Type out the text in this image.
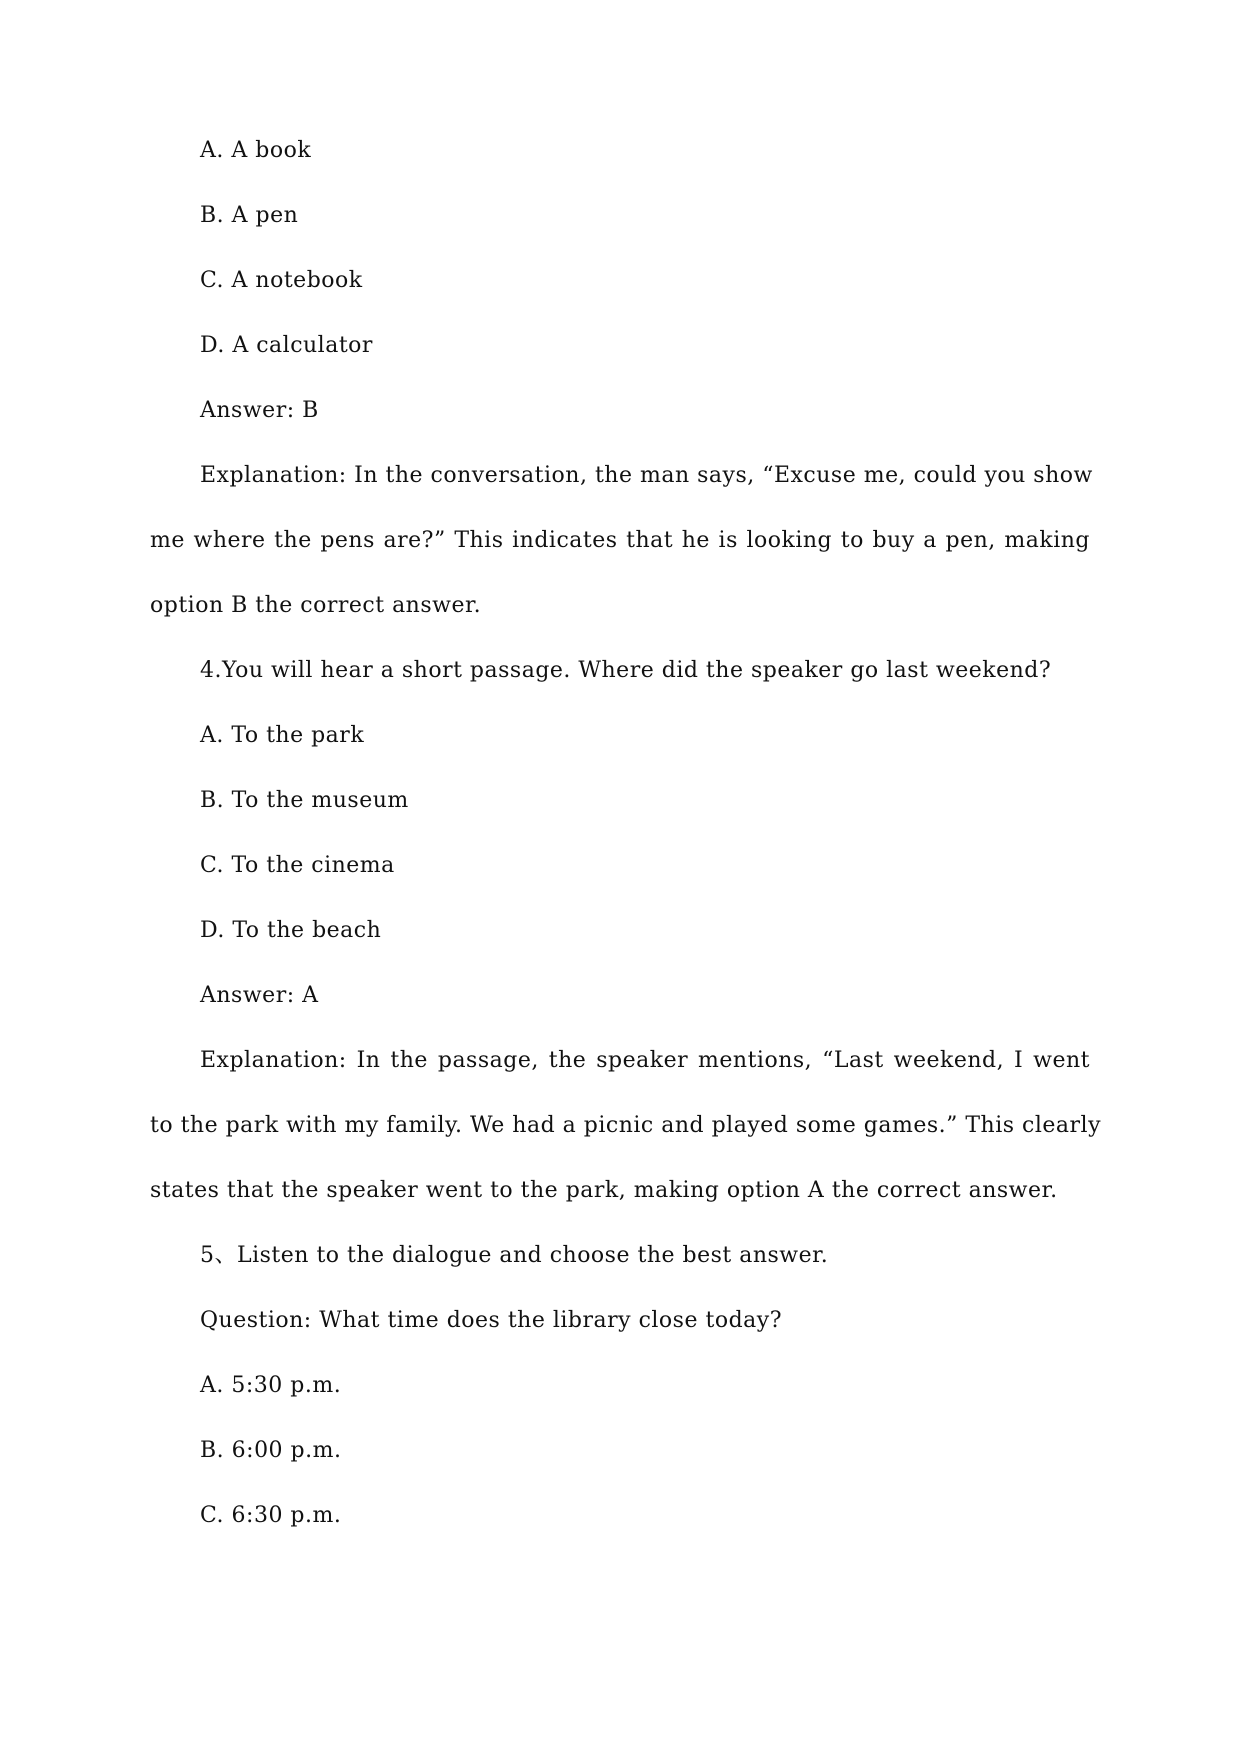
A. A book
B. A pen
C. A notebook
D. A calculator
Answer: B
Explanation: In the conversation, the man says, “Excuse me, could you show
me where the pens are?” This indicates that he is looking to buy a pen, making
option B the correct answer.
4.You will hear a short passage. Where did the speaker go last weekend?
A. To the park
B. To the museum
C. To the cinema
D. To the beach
Answer: A
Explanation: In the passage, the speaker mentions, “Last weekend, I went
to the park with my family. We had a picnic and played some games.” This clearly
states that the speaker went to the park, making option A the correct answer.
5、Listen to the dialogue and choose the best answer.
Question: What time does the library close today?
A. 5:30 p.m.
B. 6:00 p.m.
C. 6:30 p.m.
